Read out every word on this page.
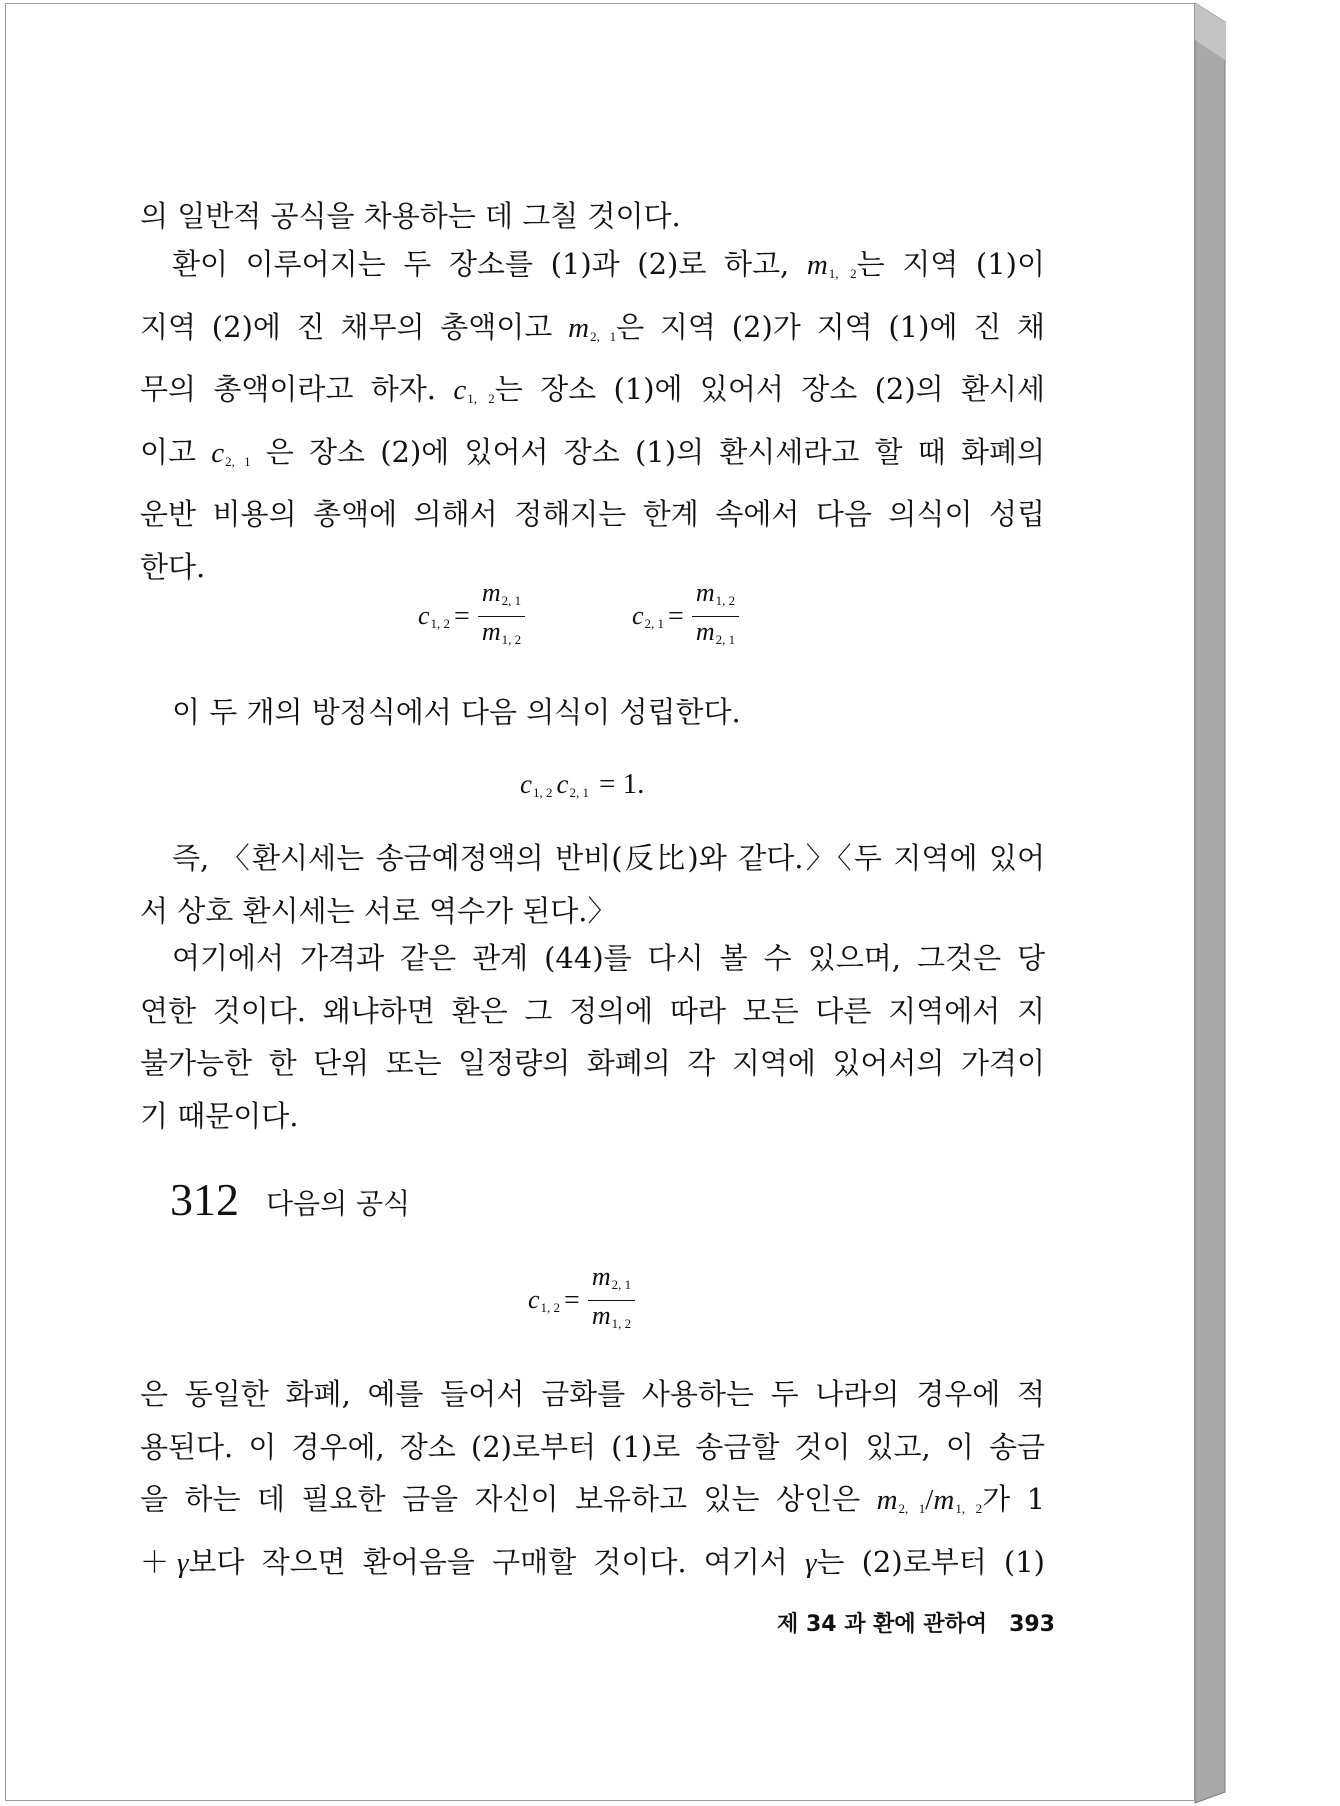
의 일반적 공식을 차용하는 데 그칠 것이다.
환이 이루어지는 두 장소를 (1)과 (2)로 하고, $m_{1, 2}$는 지역 (1)이
지역 (2)에 진 채무의 총액이고 $m_{2, 1}$은 지역 (2)가 지역 (1)에 진 채
무의 총액이라고 하자. $c_{1, 2}$는 장소 (1)에 있어서 장소 (2)의 환시세
이고 $c_{2, 1}$ 은 장소 (2)에 있어서 장소 (1)의 환시세라고 할 때 화폐의
운반 비용의 총액에 의해서 정해지는 한계 속에서 다음 의식이 성립
한다.
$c_{1, 2} = \frac{m_{2, 1}}{m_{1, 2}}$	$c_{2, 1} = \frac{m_{1, 2}}{m_{2, 1}}$
이 두 개의 방정식에서 다음 의식이 성립한다.
$c_{1, 2}$ $c_{2, 1} = 1$.
즉, 〈환시세는 송금예정액의 반비(反比)와 같다.〉〈두 지역에 있어
서 상호 환시세는 서로 역수가 된다.〉
여기에서 가격과 같은 관계 (44)를 다시 볼 수 있으며, 그것은 당
연한 것이다. 왜냐하면 환은 그 정의에 따라 모든 다른 지역에서 지
불가능한 한 단위 또는 일정량의 화폐의 각 지역에 있어서의 가격이
기 때문이다.
312 다음의 공식
$c_{1, 2} = \frac{m_{2, 1}}{m_{1, 2}}$
은 동일한 화폐, 예를 들어서 금화를 사용하는 두 나라의 경우에 적
용된다. 이 경우에, 장소 (2)로부터 (1)로 송금할 것이 있고, 이 송금
을 하는 데 필요한 금을 자신이 보유하고 있는 상인은 $m_{2, 1}/m_{1, 2}$가 1
＋γ보다 작으면 환어음을 구매할 것이다. 여기서 γ는 (2)로부터 (1)
제 34 과 환에 관하여 393
